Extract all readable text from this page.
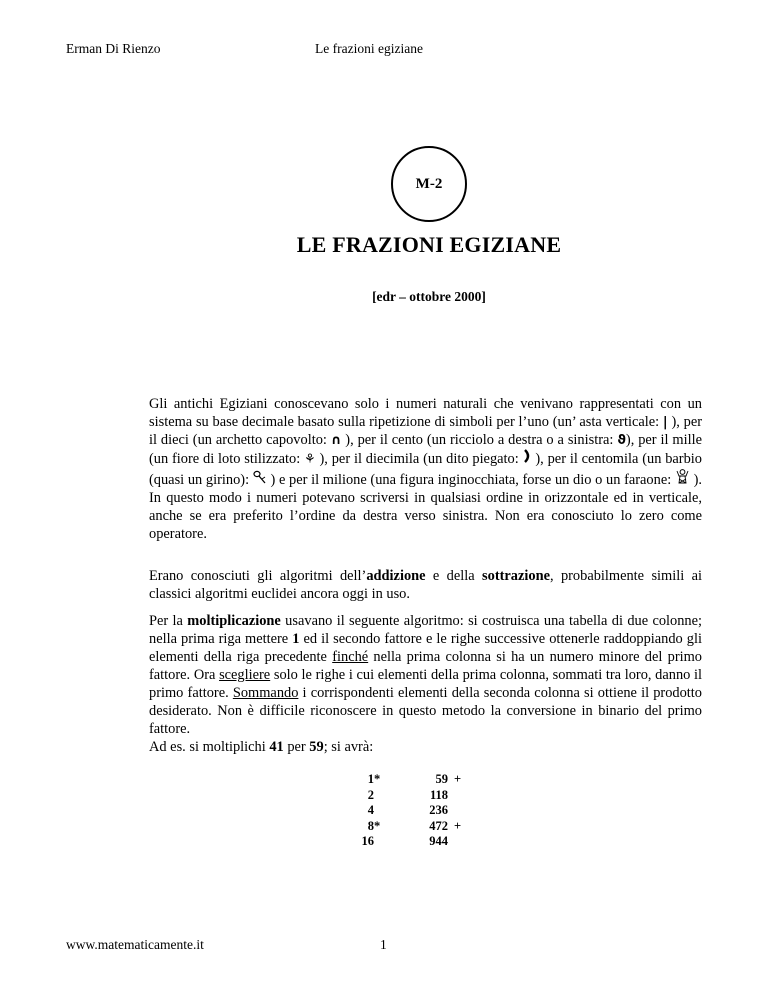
Erman Di Rienzo	Le frazioni egiziane
M-2
LE FRAZIONI EGIZIANE
[edr – ottobre 2000]
Gli antichi Egiziani conoscevano solo i numeri naturali che venivano rappresentati con un sistema su base decimale basato sulla ripetizione di simboli per l’uno (un’ asta verticale: | ), per il dieci (un archetto capovolto: ∩ ), per il cento (un ricciolo a destra o a sinistra: ϑ), per il mille (un fiore di loto stilizzato: ⚘ ), per il diecimila (un dito piegato:  ), per il centomila (un barbio (quasi un girino):  ) e per il milione (una figura inginocchiata, forse un dio o un faraone:  ). In questo modo i numeri potevano scriversi in qualsiasi ordine in orizzontale ed in verticale, anche se era preferito l’ordine da destra verso sinistra. Non era conosciuto lo zero come operatore.
Erano conosciuti gli algoritmi dell’addizione e della sottrazione, probabilmente simili ai classici algoritmi euclidei ancora oggi in uso.
Per la moltiplicazione usavano il seguente algoritmo: si costruisca una tabella di due colonne; nella prima riga mettere 1 ed il secondo fattore e le righe successive ottenerle raddoppiando gli elementi della riga precedente finché nella prima colonna si ha un numero minore del primo fattore. Ora scegliere solo le righe i cui elementi della prima colonna, sommati tra loro, danno il primo fattore. Sommando i corrispondenti elementi della seconda colonna si ottiene il prodotto desiderato. Non è difficile riconoscere in questo metodo la conversione in binario del primo fattore.
Ad es. si moltiplichi 41 per 59; si avrà:
1*	59 +
2	118
4	236
8*	472 +
16	944
www.matematicamente.it	1
